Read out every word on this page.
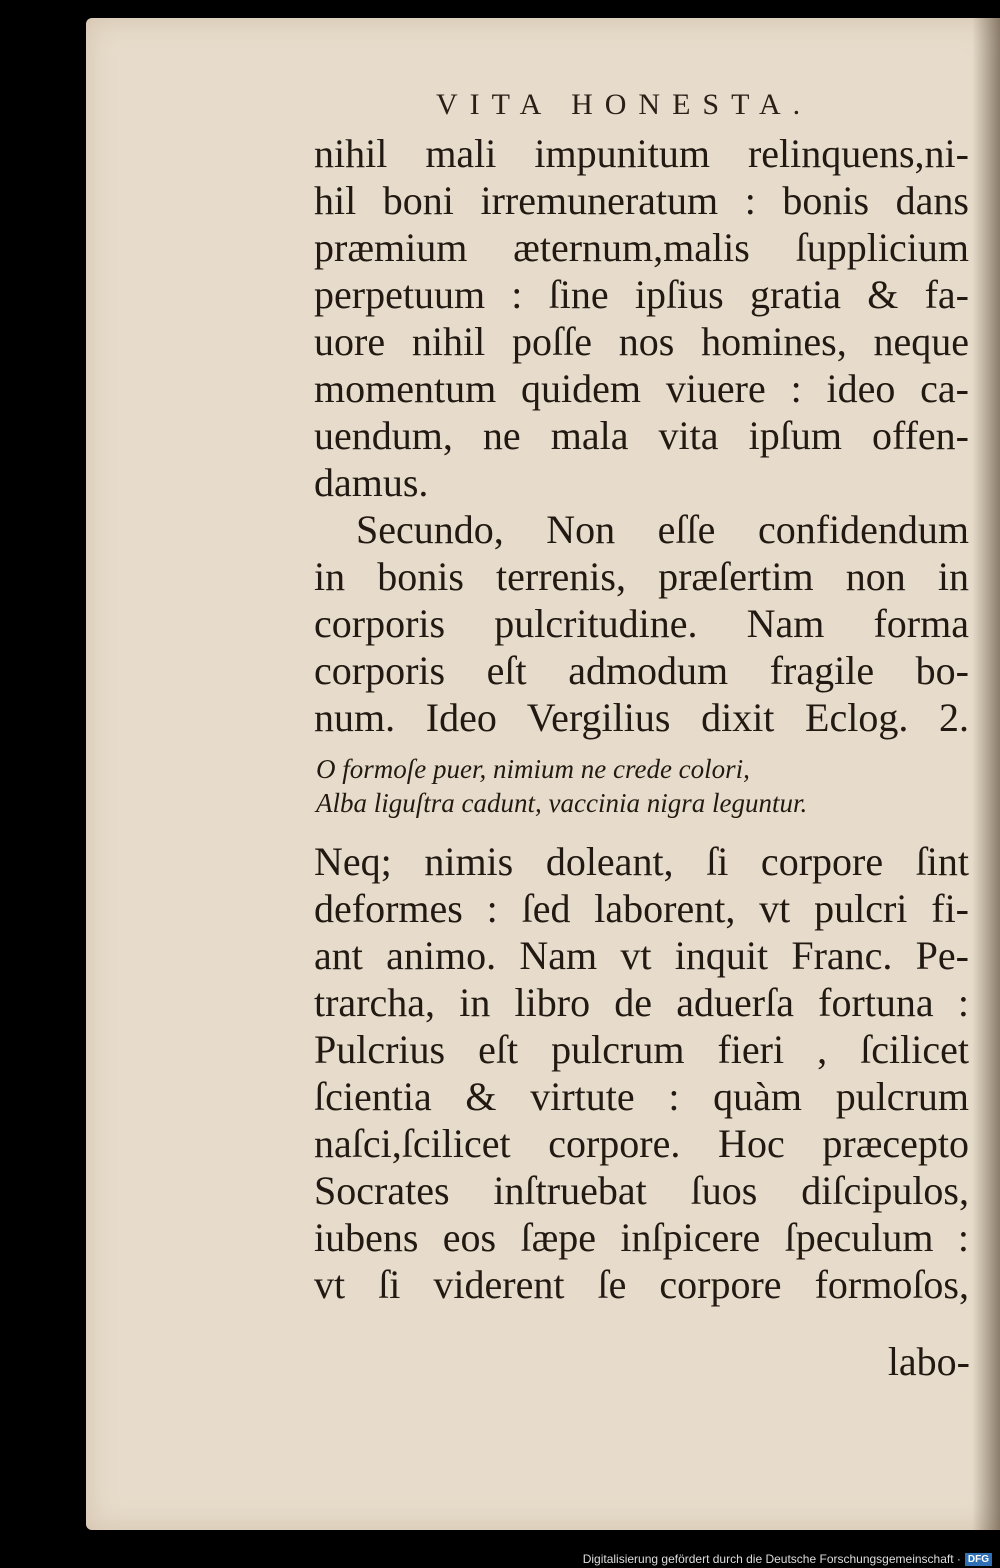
VITA HONESTA.
nihil mali impunitum relinquens,ni-
hil boni irremuneratum : bonis dans
præmium æternum,malis ſupplicium
perpetuum : ſine ipſius gratia & fa-
uore nihil poſſe nos homines, neque
momentum quidem viuere : ideo ca-
uendum, ne mala vita ipſum offen-
damus.
Secundo, Non eſſe confidendum
in bonis terrenis, præſertim non in
corporis pulcritudine. Nam forma
corporis eſt admodum fragile bo-
num. Ideo Vergilius dixit Eclog. 2.
O formoſe puer, nimium ne crede colori,
Alba liguſtra cadunt, vaccinia nigra leguntur.
Neq; nimis doleant, ſi corpore ſint
deformes : ſed laborent, vt pulcri fi-
ant animo. Nam vt inquit Franc. Pe-
trarcha, in libro de aduerſa fortuna :
Pulcrius eſt pulcrum fieri , ſcilicet
ſcientia & virtute : quàm pulcrum
naſci,ſcilicet corpore. Hoc præcepto
Socrates inſtruebat ſuos diſcipulos,
iubens eos ſæpe inſpicere ſpeculum :
vt ſi viderent ſe corpore formoſos,
labo-
Digitalisierung gefördert durch die Deutsche Forschungsgemeinschaft · DFG
